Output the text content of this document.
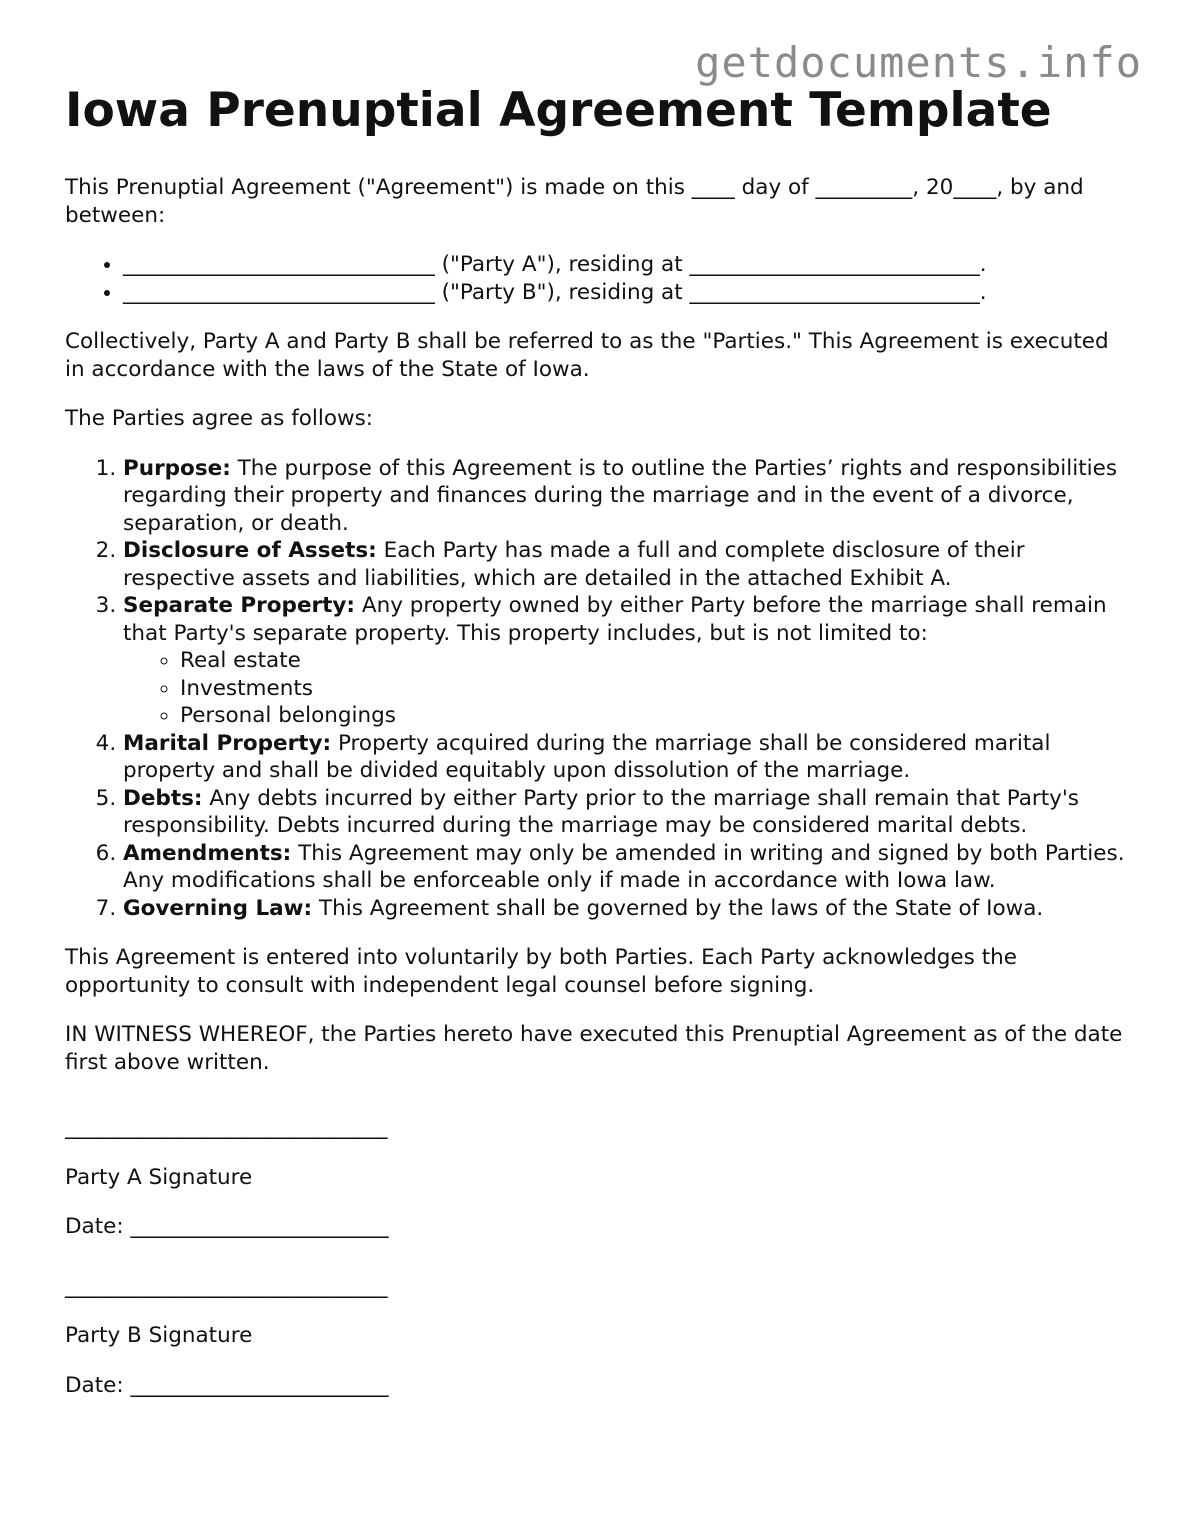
getdocuments.info
Iowa Prenuptial Agreement Template

This Prenuptial Agreement ("Agreement") is made on this ____ day of _________, 20____, by and between:

• _____________________________ ("Party A"), residing at ___________________________.
• _____________________________ ("Party B"), residing at ___________________________.

Collectively, Party A and Party B shall be referred to as the "Parties." This Agreement is executed in accordance with the laws of the State of Iowa.

The Parties agree as follows:

1. Purpose: The purpose of this Agreement is to outline the Parties’ rights and responsibilities regarding their property and finances during the marriage and in the event of a divorce, separation, or death.
2. Disclosure of Assets: Each Party has made a full and complete disclosure of their respective assets and liabilities, which are detailed in the attached Exhibit A.
3. Separate Property: Any property owned by either Party before the marriage shall remain that Party's separate property. This property includes, but is not limited to:
◦ Real estate
◦ Investments
◦ Personal belongings
4. Marital Property: Property acquired during the marriage shall be considered marital property and shall be divided equitably upon dissolution of the marriage.
5. Debts: Any debts incurred by either Party prior to the marriage shall remain that Party's responsibility. Debts incurred during the marriage may be considered marital debts.
6. Amendments: This Agreement may only be amended in writing and signed by both Parties. Any modifications shall be enforceable only if made in accordance with Iowa law.
7. Governing Law: This Agreement shall be governed by the laws of the State of Iowa.

This Agreement is entered into voluntarily by both Parties. Each Party acknowledges the opportunity to consult with independent legal counsel before signing.

IN WITNESS WHEREOF, the Parties hereto have executed this Prenuptial Agreement as of the date first above written.

______________________________

Party A Signature

Date: ________________________

______________________________

Party B Signature

Date: ________________________
